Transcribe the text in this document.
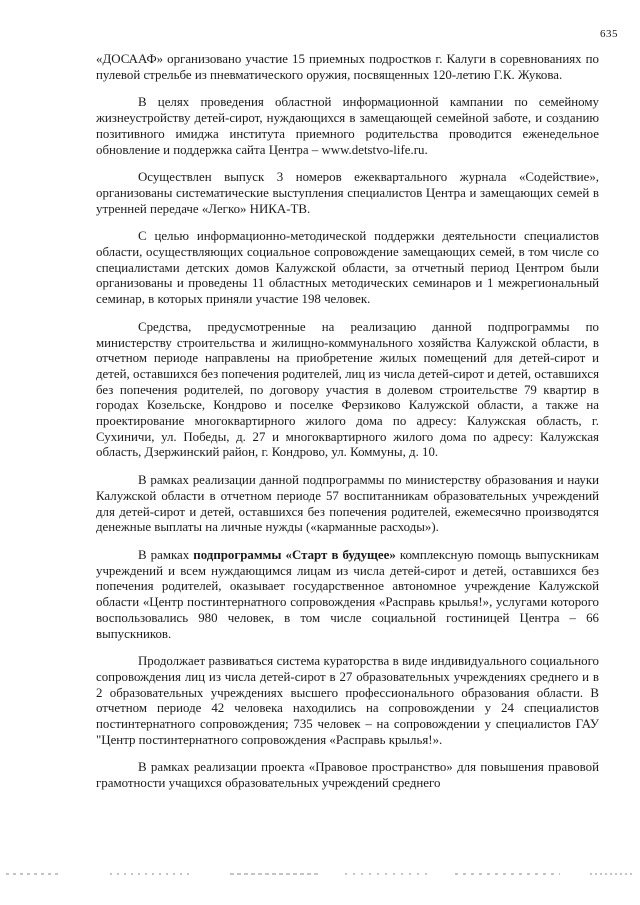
635

«ДОСААФ» организовано участие 15 приемных подростков г. Калуги в соревнованиях по пулевой стрельбе из пневматического оружия, посвященных 120-летию Г.К. Жукова.

В целях проведения областной информационной кампании по семейному жизнеустройству детей-сирот, нуждающихся в замещающей семейной заботе, и созданию позитивного имиджа института приемного родительства проводится еженедельное обновление и поддержка сайта Центра – www.detstvo-life.ru.

Осуществлен выпуск 3 номеров ежеквартального журнала «Содействие», организованы систематические выступления специалистов Центра и замещающих семей в утренней передаче «Легко» НИКА-ТВ.

С целью информационно-методической поддержки деятельности специалистов области, осуществляющих социальное сопровождение замещающих семей, в том числе со специалистами детских домов Калужской области, за отчетный период Центром были организованы и проведены 11 областных методических семинаров и 1 межрегиональный семинар, в которых приняли участие 198 человек.

Средства, предусмотренные на реализацию данной подпрограммы по министерству строительства и жилищно-коммунального хозяйства Калужской области, в отчетном периоде направлены на приобретение жилых помещений для детей-сирот и детей, оставшихся без попечения родителей, лиц из числа детей-сирот и детей, оставшихся без попечения родителей, по договору участия в долевом строительстве 79 квартир в городах Козельске, Кондрово и поселке Ферзиково Калужской области, а также на проектирование многоквартирного жилого дома по адресу: Калужская область, г. Сухиничи, ул. Победы, д. 27 и многоквартирного жилого дома по адресу: Калужская область, Дзержинский район, г. Кондрово, ул. Коммуны, д. 10.

В рамках реализации данной подпрограммы по министерству образования и науки Калужской области в отчетном периоде 57 воспитанникам образовательных учреждений для детей-сирот и детей, оставшихся без попечения родителей, ежемесячно производятся денежные выплаты на личные нужды («карманные расходы»).

В рамках подпрограммы «Старт в будущее» комплексную помощь выпускникам учреждений и всем нуждающимся лицам из числа детей-сирот и детей, оставшихся без попечения родителей, оказывает государственное автономное учреждение Калужской области «Центр постинтернатного сопровождения «Расправь крылья!», услугами которого воспользовались 980 человек, в том числе социальной гостиницей Центра – 66 выпускников.

Продолжает развиваться система кураторства в виде индивидуального социального сопровождения лиц из числа детей-сирот в 27 образовательных учреждениях среднего и в 2 образовательных учреждениях высшего профессионального образования области. В отчетном периоде 42 человека находились на сопровождении у 24 специалистов постинтернатного сопровождения; 735 человек – на сопровождении у специалистов ГАУ "Центр постинтернатного сопровождения «Расправь крылья!».

В рамках реализации проекта «Правовое пространство» для повышения правовой грамотности учащихся образовательных учреждений среднего
